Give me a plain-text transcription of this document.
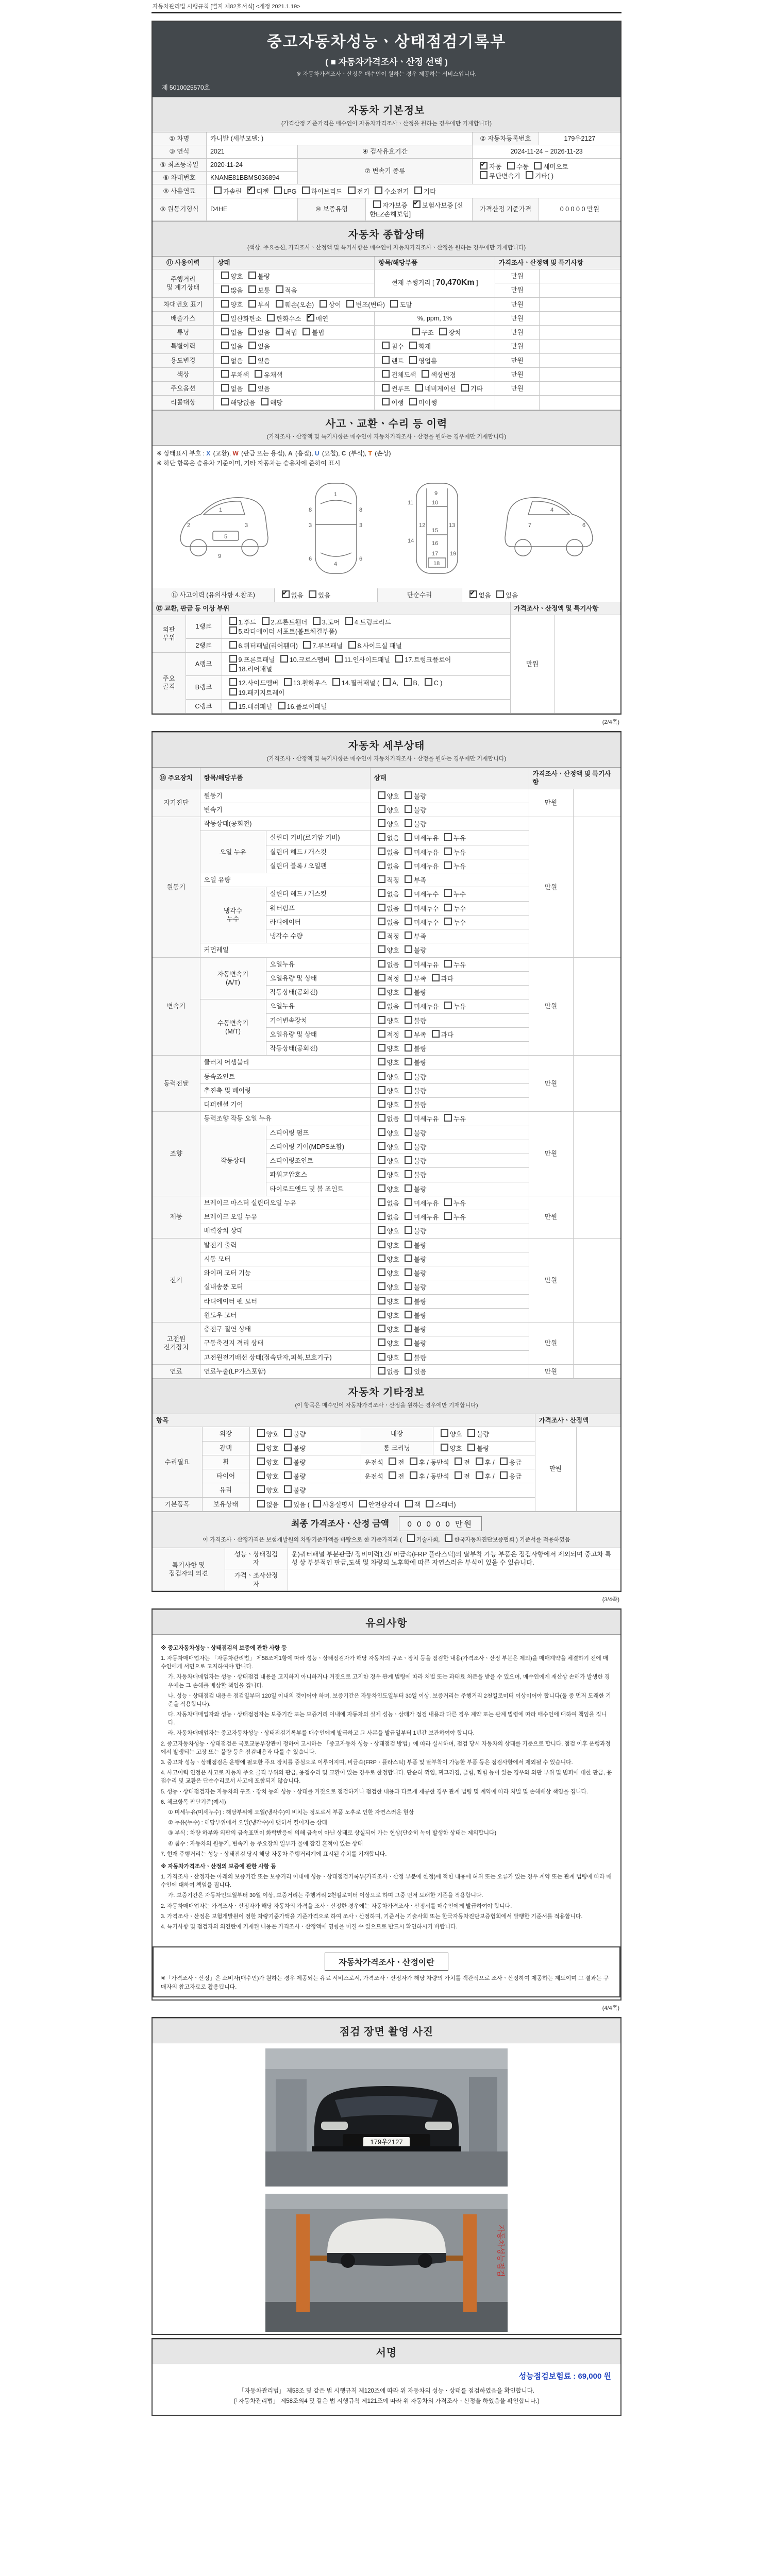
자동차관리법 시행규칙 [별지 제82호서식] <개정 2021.1.19>
중고자동차성능ㆍ상태점검기록부
( ■ 자동차가격조사ㆍ산정 선택 )
※ 자동차가격조사ㆍ산정은 매수인이 원하는 경우 제공하는 서비스입니다.
제 5010025570호
자동차 기본정보
(가격산정 기준가격은 매수인이 자동차가격조사ㆍ산정을 원하는 경우에만 기재합니다)
① 차명	카니발 (세부모델: )			② 자동차등록번호	179우2127
③ 연식	2021	④ 검사유효기간		2024-11-24 ~ 2026-11-23	
⑤ 최초등록일	2020-11-24	⑦ 변속기 종류	✔자동 수동 세미오토
무단변속기 기타( )
⑥ 차대번호	KNANE81BBMS036894				
⑧ 사용연료	가솔린 ✔디젤 LPG 하이브리드 전기 수소전기 기타
⑨ 원동기형식	D4HE	⑩ 보증유형	자가보증 ✔보험사보증 [신한EZ손해보험]	가격산정 기준가격	0 0 0 0 0 만원
자동차 종합상태
(색상, 주요옵션, 가격조사ㆍ산정액 및 특기사항은 매수인이 자동차가격조사ㆍ산정을 원하는 경우에만 기재합니다)
⑪ 사용이력	상태	항목/해당부품	가격조사ㆍ산정액 및 특기사항	
주행거리
및 계기상태	양호 불량	현재 주행거리 [ 70,470Km ]	만원	
	많음 보통 적음		만원	
차대번호 표기	양호 부식 훼손(오손) 상이 변조(변타) 도말		만원	
배출가스	일산화탄소 탄화수소 ✔매연	%, ppm, 1%	만원	
튜닝	없음 있음 적법 불법	구조 장치	만원	
특별이력	없음 있음	침수 화재	만원	
용도변경	없음 있음	렌트 영업용	만원	
색상	무채색 유채색	전체도색 색상변경	만원	
주요옵션	없음 있음	썬루프 네비게이션 기타	만원	
리콜대상	해당없음 해당	이행 미이행		
사고ㆍ교환ㆍ수리 등 이력
(가격조사ㆍ산정액 및 특기사항은 매수인이 자동차가격조사ㆍ산정을 원하는 경우에만 기재합니다)
※ 상태표시 부호 : X (교환), W (판금 또는 용접), A (흠집), U (요철), C (부식), T (손상)
※ 하단 항목은 승용차 기준이며, 기타 자동차는 승용차에 준하여 표시
1
2	3
5
9
1
3	3
4
6	6
8	8
9
10
11
12	13
14
15
16
17
18
19
4
6
7
⑫ 사고이력 (유의사항 4.참조)	✔없음 있음	단순수리	✔없음 있음
⑬ 교환, 판금 등 이상 부위			가격조사ㆍ산정액 및 특기사항	
외판
부위	1랭크	1.후드 2.프론트휀더 3.도어 4.트렁크리드
5.라디에이터 서포트(볼트체결부품)	만원	
	2랭크	6.쿼터패널(리어휀더) 7.루브패널 8.사이드실 패널		
주요
골격	A랭크	9.프론트패널 10.크로스멤버 11.인사이드패널 17.트렁크플로어
18.리어패널		
	B랭크	12.사이드멤버 13.휠하우스 14.필러패널 ( A, B, C )
19.패키지트레이		
	C랭크	15.대쉬패널 16.플로어패널		
(2/4쪽)
자동차 세부상태
(가격조사ㆍ산정액 및 특기사항은 매수인이 자동차가격조사ㆍ산정을 원하는 경우에만 기재합니다)
⑭ 주요장치	항목/해당부품		상태	가격조사ㆍ산정액 및 특기사항	
자기진단	원동기		양호 불량	만원	
	변속기		양호 불량		
원동기	작동상태(공회전)		양호 불량	만원	
	오일 누유	실린더 커버(로커암 커버)	없음 미세누유 누유		
		실린더 헤드 / 개스킷	없음 미세누유 누유		
		실린더 블록 / 오일팬	없음 미세누유 누유		
	오일 유량		적정 부족		
	냉각수
누수	실린더 헤드 / 개스킷	없음 미세누수 누수		
		워터펌프	없음 미세누수 누수		
		라디에이터	없음 미세누수 누수		
		냉각수 수량	적정 부족		
	커먼레일		양호 불량		
변속기	자동변속기
(A/T)	오일누유	없음 미세누유 누유	만원	
		오일유량 및 상태	적정 부족 과다		
		작동상태(공회전)	양호 불량		
	수동변속기
(M/T)	오일누유	없음 미세누유 누유		
		기어변속장치	양호 불량		
		오일유량 및 상태	적정 부족 과다		
		작동상태(공회전)	양호 불량		
동력전달	클러치 어셈블리		양호 불량	만원	
	등속죠인트		양호 불량		
	추진축 및 베어링		양호 불량		
	디퍼렌셜 기어		양호 불량		
조향	동력조향 작동 오일 누유		없음 미세누유 누유	만원	
	작동상태	스티어링 펌프	양호 불량		
		스티어링 기어(MDPS포함)	양호 불량		
		스티어링조인트	양호 불량		
		파워고압호스	양호 불량		
		타이로드엔드 및 볼 죠인트	양호 불량		
제동	브레이크 마스터 실린더오일 누유		없음 미세누유 누유	만원	
	브레이크 오일 누유		없음 미세누유 누유		
	배력장치 상태		양호 불량		
전기	발전기 출력		양호 불량	만원	
	시동 모터		양호 불량		
	와이퍼 모터 기능		양호 불량		
	실내송풍 모터		양호 불량		
	라디에이터 팬 모터		양호 불량		
	윈도우 모터		양호 불량		
고전원
전기장치	충전구 절연 상태		양호 불량	만원	
	구동축전지 격리 상태		양호 불량		
	고전원전기배선 상태(접속단자,피복,보호기구)		양호 불량		
연료	연료누출(LP가스포함)		없음 있음	만원	
자동차 기타정보
(이 항목은 매수인이 자동차가격조사ㆍ산정을 원하는 경우에만 기재합니다)
항목					가격조사ㆍ산정액	
수리필요	외장	양호 불량	내장	양호 불량	만원	
	광택	양호 불량	룸 크리닝	양호 불량		
	휠	양호 불량	운전석 전 후 / 동반석 전 후 / 응급			
	타이어	양호 불량	운전석 전 후 / 동반석 전 후 / 응급			
	유리	양호 불량				
기본품목	보유상태	없음 있음 ( 사용설명서 안전삼각대 잭 스패너)				
최종 가격조사ㆍ산정 금액 0 0 0 0 0 만원
이 가격조사ㆍ산정가격은 보험개발원의 차량기준가액을 바탕으로 한 기준가격과 ( 기술사회, 한국자동차진단보증협회 ) 기준서를 적용하였음
특기사항 및
점검자의 의견	성능ㆍ상태점검
자	운)쿼터패널 부분판금/ 정비이력1건/ 비금속(FRP 플라스틱)의 탈부착 가능 부품은 점검사항에서 제외되며 중고차 특성 상 부분적인 판금,도색 및 차량의 노후화에 따른 자연스러운 부식이 있을 수 있습니다.
	가격ㆍ조사산정
자	
(3/4쪽)
유의사항

※ 중고자동차성능ㆍ상태점검의 보증에 관한 사항 등

1. 자동차매매업자는 「자동차관리법」 제58조제1항에 따라 성능ㆍ상태점검자가 해당 자동차의 구조ㆍ장치 등을 점검한 내용(가격조사ㆍ산정 부분은 제외)을 매매계약을 체결하기 전에 매수인에게 서면으로 고지하여야 합니다.

가. 자동차매매업자는 성능ㆍ상태점검 내용을 고지하지 아니하거나 거짓으로 고지한 경우 관계 법령에 따라 처벌 또는 과태료 처분을 받을 수 있으며, 매수인에게 재산상 손해가 발생한 경우에는 그 손해를 배상할 책임을 집니다.

나. 성능ㆍ상태점검 내용은 점검일부터 120일 이내의 것이어야 하며, 보증기간은 자동차인도일부터 30일 이상, 보증거리는 주행거리 2천킬로미터 이상이어야 합니다(둘 중 먼저 도래한 기준을 적용합니다).

다. 자동차매매업자와 성능ㆍ상태점검자는 보증기간 또는 보증거리 이내에 자동차의 실제 성능ㆍ상태가 점검 내용과 다른 경우 계약 또는 관계 법령에 따라 매수인에 대하여 책임을 집니다.

라. 자동차매매업자는 중고자동차성능ㆍ상태점검기록부를 매수인에게 발급하고 그 사본을 발급일부터 1년간 보관하여야 합니다.

2. 중고자동차성능ㆍ상태점검은 국토교통부장관이 정하여 고시하는 「중고자동차 성능ㆍ상태점검 방법」에 따라 실시하며, 점검 당시 자동차의 상태를 기준으로 합니다. 점검 이후 운행과정에서 발생되는 고장 또는 불량 등은 점검내용과 다를 수 있습니다.

3. 중고차 성능ㆍ상태점검은 운행에 필요한 주요 장치를 중심으로 이루어지며, 비금속(FRPㆍ플라스틱) 부품 및 탈부착이 가능한 부품 등은 점검사항에서 제외될 수 있습니다.

4. 사고이력 인정은 사고로 자동차 주요 골격 부위의 판금, 용접수리 및 교환이 있는 경우로 한정합니다. 단순히 꺾임, 찌그러짐, 긁힘, 찍힘 등이 있는 경우와 외판 부위 및 범퍼에 대한 판금, 용접수리 및 교환은 단순수리로서 사고에 포함되지 않습니다.

5. 성능ㆍ상태점검자는 자동차의 구조ㆍ장치 등의 성능ㆍ상태를 거짓으로 점검하거나 점검한 내용과 다르게 제공한 경우 관계 법령 및 계약에 따라 처벌 및 손해배상 책임을 집니다.

6. 체크항목 판단기준(예시)

① 미세누유(미세누수) : 해당부위에 오일(냉각수)이 비치는 정도로서 부품 노후로 인한 자연스러운 현상

② 누유(누수) : 해당부위에서 오일(냉각수)이 맺혀서 떨어지는 상태

③ 부식 : 차량 하부와 외판의 금속표면이 화학반응에 의해 금속이 아닌 상태로 상실되어 가는 현상(단순히 녹이 발생한 상태는 제외합니다)

④ 침수 : 자동차의 원동기, 변속기 등 주요장치 일부가 물에 잠긴 흔적이 있는 상태

7. 현재 주행거리는 성능ㆍ상태점검 당시 해당 자동차 주행거리계에 표시된 수치를 기재합니다.

※ 자동차가격조사ㆍ산정의 보증에 관한 사항 등

1. 가격조사ㆍ산정자는 아래의 보증기간 또는 보증거리 이내에 성능ㆍ상태점검기록부(가격조사ㆍ산정 부분에 한정)에 적힌 내용에 허위 또는 오류가 있는 경우 계약 또는 관계 법령에 따라 매수인에 대하여 책임을 집니다.

가. 보증기간은 자동차인도일부터 30일 이상, 보증거리는 주행거리 2천킬로미터 이상으로 하며 그중 먼저 도래한 기준을 적용합니다.

2. 자동차매매업자는 가격조사ㆍ산정자가 해당 자동차의 가격을 조사ㆍ산정한 경우에는 자동차가격조사ㆍ산정서를 매수인에게 발급하여야 합니다.

3. 가격조사ㆍ산정은 보험개발원이 정한 차량기준가액을 기준가격으로 하여 조사ㆍ산정하며, 기준서는 기술사회 또는 한국자동차진단보증협회에서 발행한 기준서를 적용합니다.

4. 특기사항 및 점검자의 의견란에 기재된 내용은 가격조사ㆍ산정액에 영향을 미칠 수 있으므로 반드시 확인하시기 바랍니다.

자동차가격조사ㆍ산정이란
※「가격조사ㆍ산정」은 소비자(매수인)가 원하는 경우 제공되는 유료 서비스로서, 가격조사ㆍ산정자가 해당 차량의 가치를 객관적으로 조사ㆍ산정하여 제공하는 제도이며 그 결과는 구매자의 참고자료로 활용됩니다.
(4/4쪽)
점검 장면 촬영 사진
179우2127
자동차성능점검
서명
성능점검보험료 : 69,000 원
「자동차관리법」 제58조 및 같은 법 시행규칙 제120조에 따라 위 자동차의 성능ㆍ상태를 점검하였음을 확인합니다.
(「자동차관리법」 제58조의4 및 같은 법 시행규칙 제121조에 따라 위 자동차의 가격조사ㆍ산정을 하였음을 확인합니다.)
